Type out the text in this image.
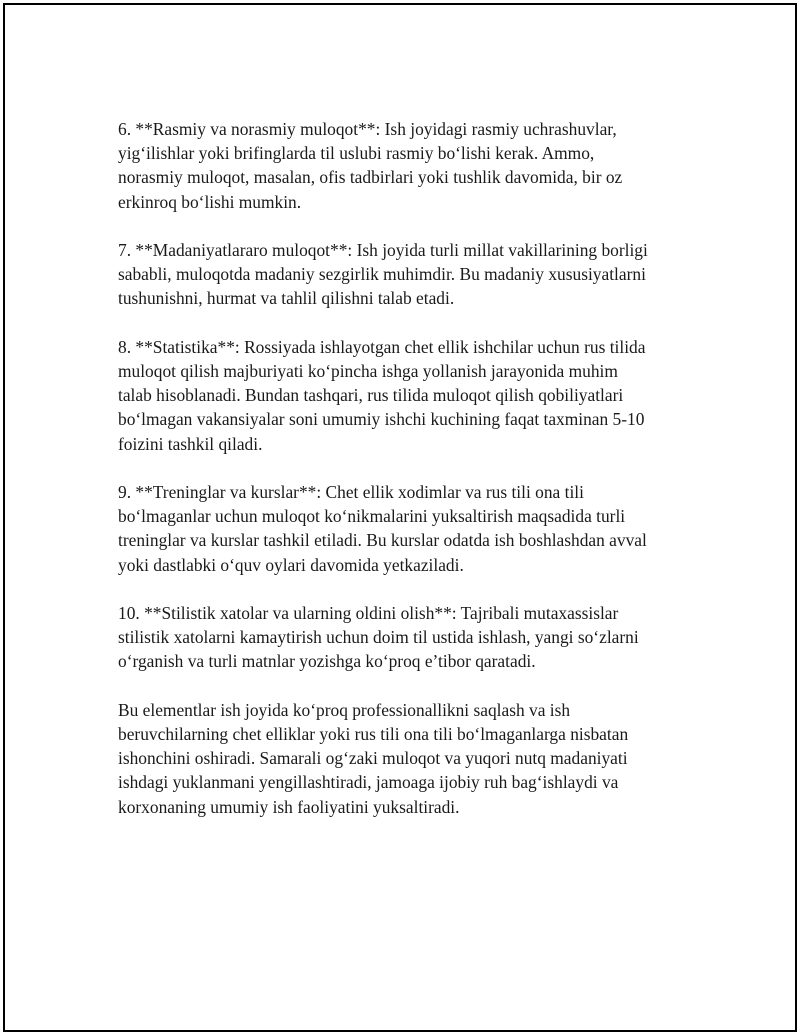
6. **Rasmiy va norasmiy muloqot**: Ish joyidagi rasmiy uchrashuvlar,
yig‘ilishlar yoki brifinglarda til uslubi rasmiy bo‘lishi kerak. Ammo,
norasmiy muloqot, masalan, ofis tadbirlari yoki tushlik davomida, bir oz
erkinroq bo‘lishi mumkin.

7. **Madaniyatlararo muloqot**: Ish joyida turli millat vakillarining borligi
sababli, muloqotda madaniy sezgirlik muhimdir. Bu madaniy xususiyatlarni
tushunishni, hurmat va tahlil qilishni talab etadi.

8. **Statistika**: Rossiyada ishlayotgan chet ellik ishchilar uchun rus tilida
muloqot qilish majburiyati ko‘pincha ishga yollanish jarayonida muhim
talab hisoblanadi. Bundan tashqari, rus tilida muloqot qilish qobiliyatlari
bo‘lmagan vakansiyalar soni umumiy ishchi kuchining faqat taxminan 5-10
foizini tashkil qiladi.

9. **Treninglar va kurslar**: Chet ellik xodimlar va rus tili ona tili
bo‘lmaganlar uchun muloqot ko‘nikmalarini yuksaltirish maqsadida turli
treninglar va kurslar tashkil etiladi. Bu kurslar odatda ish boshlashdan avval
yoki dastlabki o‘quv oylari davomida yetkaziladi.

10. **Stilistik xatolar va ularning oldini olish**: Tajribali mutaxassislar
stilistik xatolarni kamaytirish uchun doim til ustida ishlash, yangi so‘zlarni
o‘rganish va turli matnlar yozishga ko‘proq e’tibor qaratadi.

Bu elementlar ish joyida ko‘proq professionallikni saqlash va ish
beruvchilarning chet elliklar yoki rus tili ona tili bo‘lmaganlarga nisbatan
ishonchini oshiradi. Samarali og‘zaki muloqot va yuqori nutq madaniyati
ishdagi yuklanmani yengillashtiradi, jamoaga ijobiy ruh bag‘ishlaydi va
korxonaning umumiy ish faoliyatini yuksaltiradi.
